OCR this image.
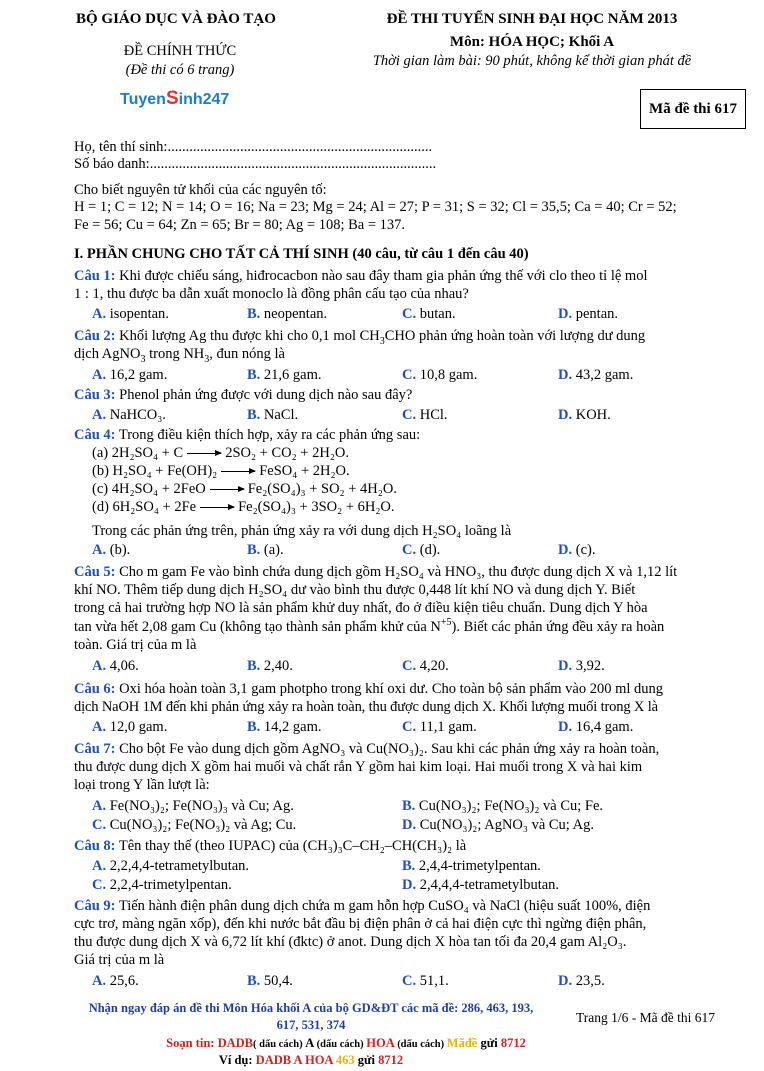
BỘ GIÁO DỤC VÀ ĐÀO TẠO
ĐỀ CHÍNH THỨC
(Đề thi có 6 trang)
TuyenSinh247
ĐỀ THI TUYỂN SINH ĐẠI HỌC NĂM 2013
Môn: HÓA HỌC; Khối A
Thời gian làm bài: 90 phút, không kể thời gian phát đề
Mã đề thi 617
Họ, tên thí sinh:.........................................................................
Số báo danh:...............................................................................
Cho biết nguyên tử khối của các nguyên tố:
H = 1; C = 12; N = 14; O = 16; Na = 23; Mg = 24; Al = 27; P = 31; S = 32; Cl = 35,5; Ca = 40; Cr = 52;
Fe = 56; Cu = 64; Zn = 65; Br = 80; Ag = 108; Ba = 137.
I. PHẦN CHUNG CHO TẤT CẢ THÍ SINH (40 câu, từ câu 1 đến câu 40)
Câu 1: Khi được chiếu sáng, hiđrocacbon nào sau đây tham gia phản ứng thế với clo theo tỉ lệ mol
1 : 1, thu được ba dẫn xuất monoclo là đồng phân cấu tạo của nhau?
A. isopentan.	B. neopentan.	C. butan.	D. pentan.
Câu 2: Khối lượng Ag thu được khi cho 0,1 mol $CH_3CHO$ phản ứng hoàn toàn với lượng dư dung
dịch AgNO$_3$ trong $NH_3$, đun nóng là
A. 16,2 gam.	B. 21,6 gam.	C. 10,8 gam.	D. 43,2 gam.
Câu 3: Phenol phản ứng được với dung dịch nào sau đây?
A. NaHCO₃.	B. NaCl.	C. HCl.	D. KOH.
Câu 4: Trong điều kiện thích hợp, xảy ra các phản ứng sau:
(a) 2H₂SO₄ + C	2SO₂ + CO₂ + 2H₂O.
(b) H₂SO₄ + Fe(OH)₂	FeSO₄ + 2H₂O.
(c) 4H₂SO₄ + 2FeO	Fe₂(SO₄)₃ + SO₂ + 4H₂O.
(d) 6H₂SO₄ + 2Fe	Fe₂(SO₄)₃ + 3SO₂ + 6H₂O.
Trong các phản ứng trên, phản ứng xảy ra với dung dịch H₂SO₄ loãng là
A. (b).	B. (a).	C. (d).	D. (c).
Câu 5: Cho m gam Fe vào bình chứa dung dịch gồm H₂SO₄ và HNO₃, thu được dung dịch X và 1,12 lít
khí NO. Thêm tiếp dung dịch H₂SO₄ dư vào bình thu được 0,448 lít khí NO và dung dịch Y. Biết
trong cả hai trường hợp NO là sản phẩm khử duy nhất, đo ở điều kiện tiêu chuẩn. Dung dịch Y hòa
tan vừa hết 2,08 gam Cu (không tạo thành sản phẩm khử của $N^{+5}$). Biết các phản ứng đều xảy ra hoàn
toàn. Giá trị của m là
A. 4,06.	B. 2,40.	C. 4,20.	D. 3,92.
Câu 6: Oxi hóa hoàn toàn 3,1 gam photpho trong khí oxi dư. Cho toàn bộ sản phẩm vào 200 ml dung
dịch NaOH 1M đến khi phản ứng xảy ra hoàn toàn, thu được dung dịch X. Khối lượng muối trong X là
A. 12,0 gam.	B. 14,2 gam.	C. 11,1 gam.	D. 16,4 gam.
Câu 7: Cho bột Fe vào dung dịch gồm AgNO₃ và Cu(NO₃)₂. Sau khi các phản ứng xảy ra hoàn toàn,
thu được dung dịch X gồm hai muối và chất rắn Y gồm hai kim loại. Hai muối trong X và hai kim
loại trong Y lần lượt là:
A. Fe(NO₃)₂; Fe(NO₃)₃ và Cu; Ag.	B. Cu(NO₃)₂; Fe(NO₃)₂ và Cu; Fe.
C. Cu(NO₃)₂; Fe(NO₃)₂ và Ag; Cu.	D. Cu(NO₃)₂; AgNO₃ và Cu; Ag.
Câu 8: Tên thay thế (theo IUPAC) của (CH₃)₃C–CH₂–CH(CH₃)₂ là
A. 2,2,4,4-tetrametylbutan.	B. 2,4,4-trimetylpentan.
C. 2,2,4-trimetylpentan.	D. 2,4,4,4-tetrametylbutan.
Câu 9: Tiến hành điện phân dung dịch chứa m gam hỗn hợp CuSO₄ và NaCl (hiệu suất 100%, điện
cực trơ, màng ngăn xốp), đến khi nước bắt đầu bị điện phân ở cả hai điện cực thì ngừng điện phân,
thu được dung dịch X và 6,72 lít khí (đktc) ở anot. Dung dịch X hòa tan tối đa 20,4 gam Al₂O₃.
Giá trị của m là
A. 25,6.	B. 50,4.	C. 51,1.	D. 23,5.
Nhận ngay đáp án đề thi Môn Hóa khối A của bộ GD&ĐT các mã đề: 286, 463, 193,
617, 531, 374
Soạn tin: DADB( dấu cách) A (dấu cách) HOA (dấu cách) Mãđề gửi 8712
Ví dụ: DADB A HOA 463 gửi 8712
Trang 1/6 - Mã đề thi 617
